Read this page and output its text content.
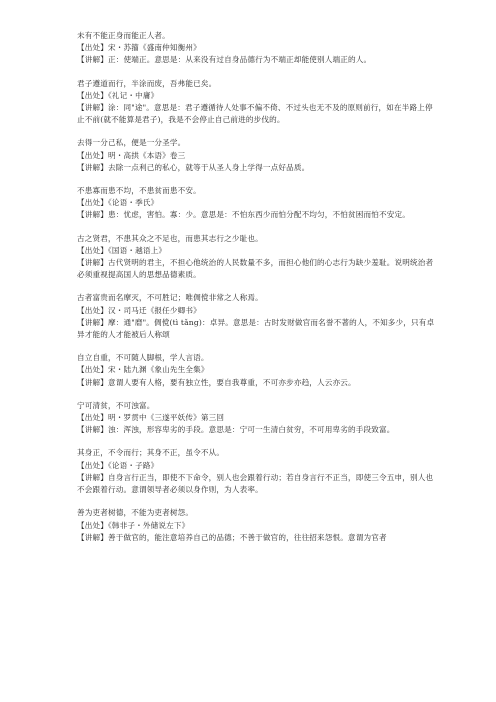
未有不能正身而能正人者。
【出处】宋・苏籀《盛南仲知衡州》
【讲解】正：使端正。意思是：从来没有过自身品德行为不端正却能使别人端正的人。
君子遵道而行，半涂而废，吾弗能已矣。
【出处】《礼记・中庸》
【讲解】涂：同"途"。意思是：君子遵循待人处事不偏不倚、不过头也无不及的原则前行，如在半路上停止不前(就不能算是君子)，我是不会停止自己前进的步伐的。
去得一分己私，便是一分圣学。
【出处】明・高拱《本语》卷三
【讲解】去除一点利己的私心，就等于从圣人身上学得一点好品质。
不患寡而患不均，不患贫而患不安。
【出处】《论语・季氏》
【讲解】患：忧虑，害怕。寡：少。意思是：不怕东西少而怕分配不均匀，不怕贫困而怕不安定。
古之贤君，不患其众之不足也，而患其志行之少耻也。
【出处】《国语・越语上》
【讲解】古代贤明的君主，不担心他统治的人民数量不多，而担心他们的心志行为缺少羞耻。说明统治者必须重视提高国人的思想品德素质。
古者富贵而名摩灭，不可胜记；唯倜傥非常之人称焉。
【出处】汉・司马迁《报任少卿书》
【讲解】摩：通"磨"。倜傥(tì tǎng)：卓异。意思是：古时发财做官而名誉不著的人，不知多少，只有卓异才能的人才能被后人称颂
自立自重，不可随人脚根，学人言语。
【出处】宋・陆九渊《象山先生全集》
【讲解】意谓人要有人格，要有独立性，要自我尊重，不可亦步亦趋，人云亦云。
宁可清贫，不可浊富。
【出处】明・罗贯中《三遂平妖传》第三回
【讲解】浊：浑浊，形容卑劣的手段。意思是：宁可一生清白贫穷，不可用卑劣的手段致富。
其身正，不令而行；其身不正，虽令不从。
【出处】《论语・子路》
【讲解】自身言行正当，即使不下命令，别人也会跟着行动；若自身言行不正当，即使三令五申，别人也不会跟着行动。意谓领导者必须以身作则，为人表率。
善为吏者树德，不能为吏者树怨。
【出处】《韩非子・外储说左下》
【讲解】善于做官的，能注意培养自己的品德；不善于做官的，往往招来怨恨。意谓为官者
